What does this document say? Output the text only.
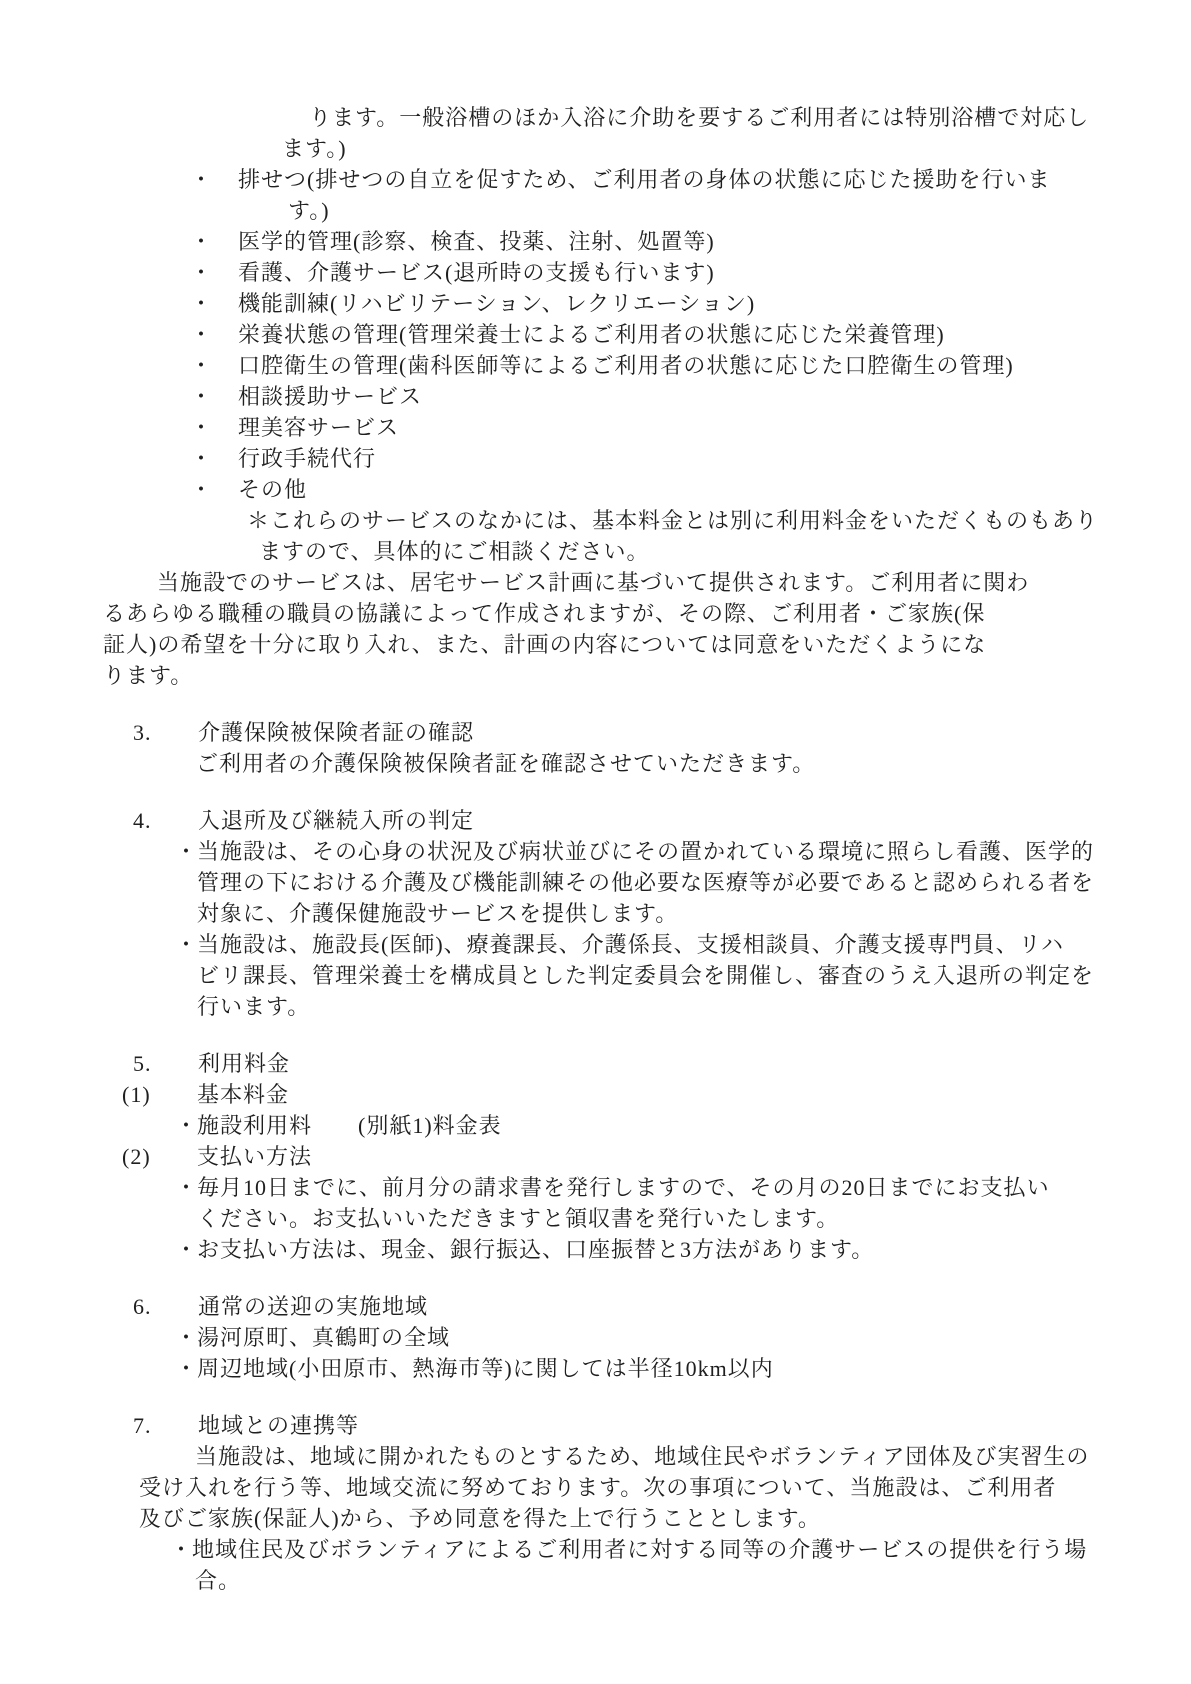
ります。一般浴槽のほか入浴に介助を要するご利用者には特別浴槽で対応し
ます。)
・ 排せつ(排せつの自立を促すため、ご利用者の身体の状態に応じた援助を行いま
す。)
・ 医学的管理(診察、検査、投薬、注射、処置等)
・ 看護、介護サービス(退所時の支援も行います)
・ 機能訓練(リハビリテーション、レクリエーション)
・ 栄養状態の管理(管理栄養士によるご利用者の状態に応じた栄養管理)
・ 口腔衛生の管理(歯科医師等によるご利用者の状態に応じた口腔衛生の管理)
・ 相談援助サービス
・ 理美容サービス
・ 行政手続代行
・ その他
＊これらのサービスのなかには、基本料金とは別に利用料金をいただくものもあり
ますので、具体的にご相談ください。
当施設でのサービスは、居宅サービス計画に基づいて提供されます。ご利用者に関わ
るあらゆる職種の職員の協議によって作成されますが、その際、ご利用者・ご家族(保
証人)の希望を十分に取り入れ、また、計画の内容については同意をいただくようにな
ります。
3. 介護保険被保険者証の確認
ご利用者の介護保険被保険者証を確認させていただきます。
4. 入退所及び継続入所の判定
・当施設は、その心身の状況及び病状並びにその置かれている環境に照らし看護、医学的
管理の下における介護及び機能訓練その他必要な医療等が必要であると認められる者を
対象に、介護保健施設サービスを提供します。
・当施設は、施設長(医師)、療養課長、介護係長、支援相談員、介護支援専門員、リハ
ビリ課長、管理栄養士を構成員とした判定委員会を開催し、審査のうえ入退所の判定を
行います。
5. 利用料金
(1) 基本料金
・施設利用料　　(別紙1)料金表
(2) 支払い方法
・毎月10日までに、前月分の請求書を発行しますので、その月の20日までにお支払い
ください。お支払いいただきますと領収書を発行いたします。
・お支払い方法は、現金、銀行振込、口座振替と3方法があります。
6. 通常の送迎の実施地域
・湯河原町、真鶴町の全域
・周辺地域(小田原市、熱海市等)に関しては半径10km以内
7. 地域との連携等
当施設は、地域に開かれたものとするため、地域住民やボランティア団体及び実習生の
受け入れを行う等、地域交流に努めております。次の事項について、当施設は、ご利用者
及びご家族(保証人)から、予め同意を得た上で行うこととします。
・地域住民及びボランティアによるご利用者に対する同等の介護サービスの提供を行う場
合。
